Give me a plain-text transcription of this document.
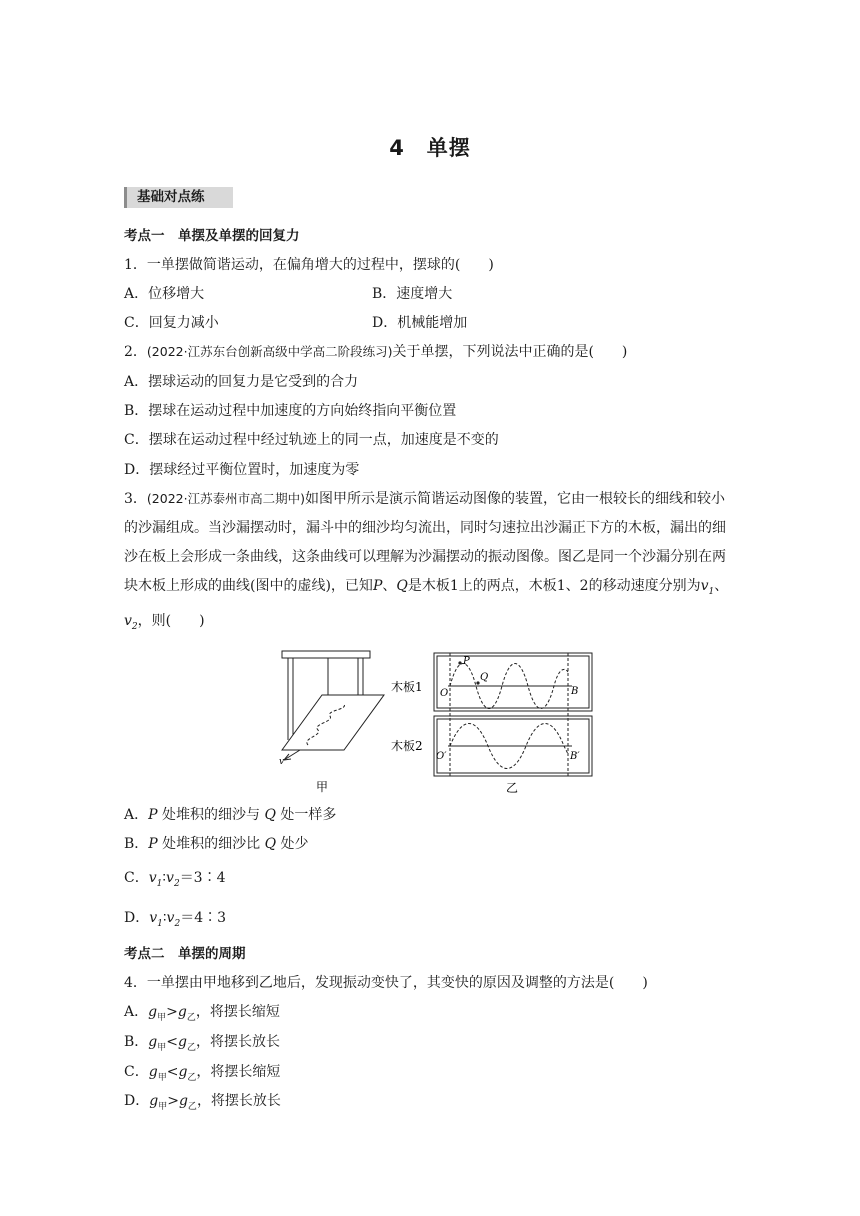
4　单摆
基础对点练
考点一　单摆及单摆的回复力
1．一单摆做简谐运动，在偏角增大的过程中，摆球的(　　)
A．位移增大	B．速度增大
C．回复力减小	D．机械能增加
2．(2022·江苏东台创新高级中学高二阶段练习)关于单摆，下列说法中正确的是(　　)
A．摆球运动的回复力是它受到的合力
B．摆球在运动过程中加速度的方向始终指向平衡位置
C．摆球在运动过程中经过轨迹上的同一点，加速度是不变的
D．摆球经过平衡位置时，加速度为零
3．(2022·江苏泰州市高二期中)如图甲所示是演示简谐运动图像的装置，它由一根较长的细线和较小的沙漏组成。当沙漏摆动时，漏斗中的细沙均匀流出，同时匀速拉出沙漏正下方的木板，漏出的细沙在板上会形成一条曲线，这条曲线可以理解为沙漏摆动的振动图像。图乙是同一个沙漏分别在两块木板上形成的曲线(图中的虚线)，已知P、Q是木板1上的两点，木板1、2的移动速度分别为$v_1$、$v_2$，则(　　)
v
甲
木板1 O	B
P
Q
木板2
O′	B′
乙
A．P 处堆积的细沙与 Q 处一样多
B．P 处堆积的细沙比 Q 处少
C．$v_1∶v_2=3∶4$
D．$v_1∶v_2=4∶3$
考点二　单摆的周期
4．一单摆由甲地移到乙地后，发现振动变快了，其变快的原因及调整的方法是(　　)
A．$g_甲>g_乙$，将摆长缩短
B．$g_甲<g_乙$，将摆长放长
C．$g_甲<g_乙$，将摆长缩短
D．$g_甲>g_乙$，将摆长放长
